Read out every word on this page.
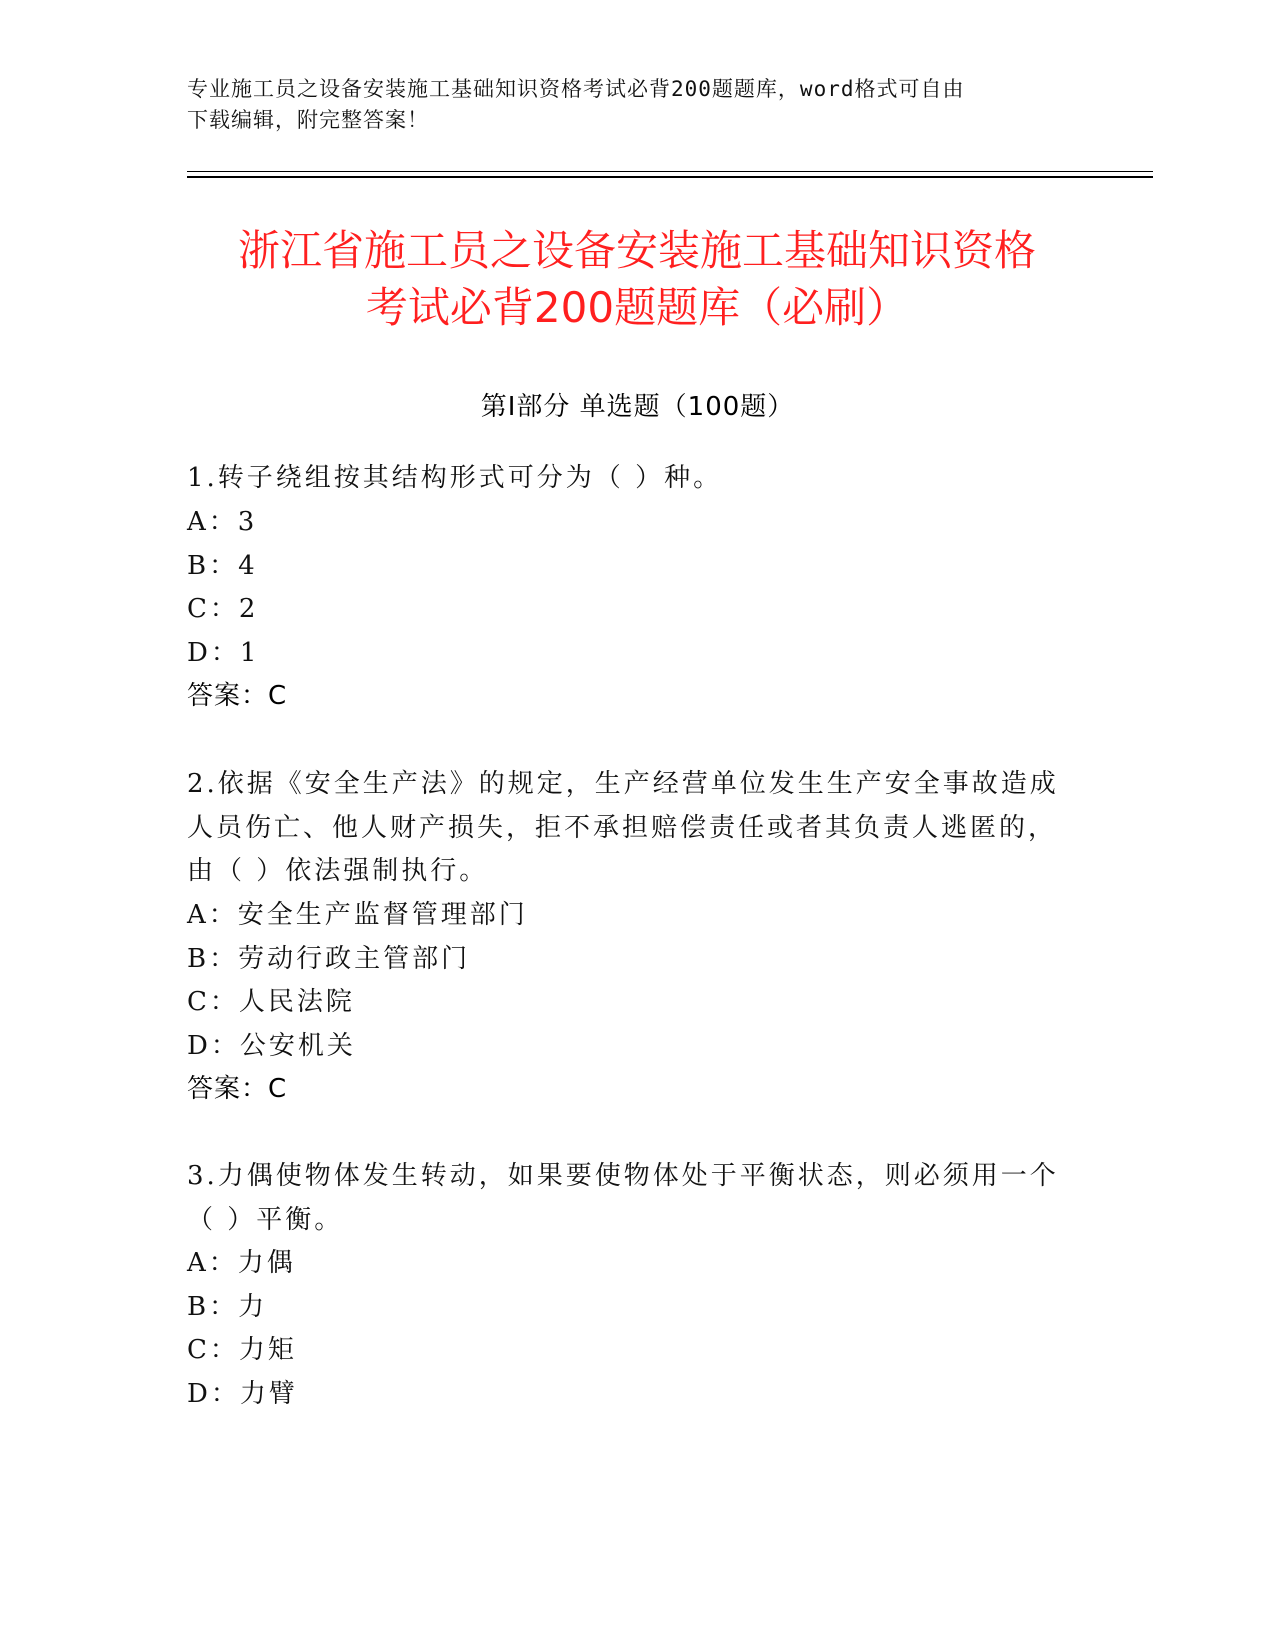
专业施工员之设备安装施工基础知识资格考试必背200题题库，word格式可自由
下载编辑，附完整答案！
浙江省施工员之设备安装施工基础知识资格
考试必背200题题库（必刷）
第Ⅰ部分 单选题（100题）
1.转子绕组按其结构形式可分为（ ）种。
A：3
B：4
C：2
D：1
答案：C
2.依据《安全生产法》的规定，生产经营单位发生生产安全事故造成
人员伤亡、他人财产损失，拒不承担赔偿责任或者其负责人逃匿的，
由（ ）依法强制执行。
A：安全生产监督管理部门
B：劳动行政主管部门
C：人民法院
D：公安机关
答案：C
3.力偶使物体发生转动，如果要使物体处于平衡状态，则必须用一个
（ ）平衡。
A：力偶
B：力
C：力矩
D：力臂
